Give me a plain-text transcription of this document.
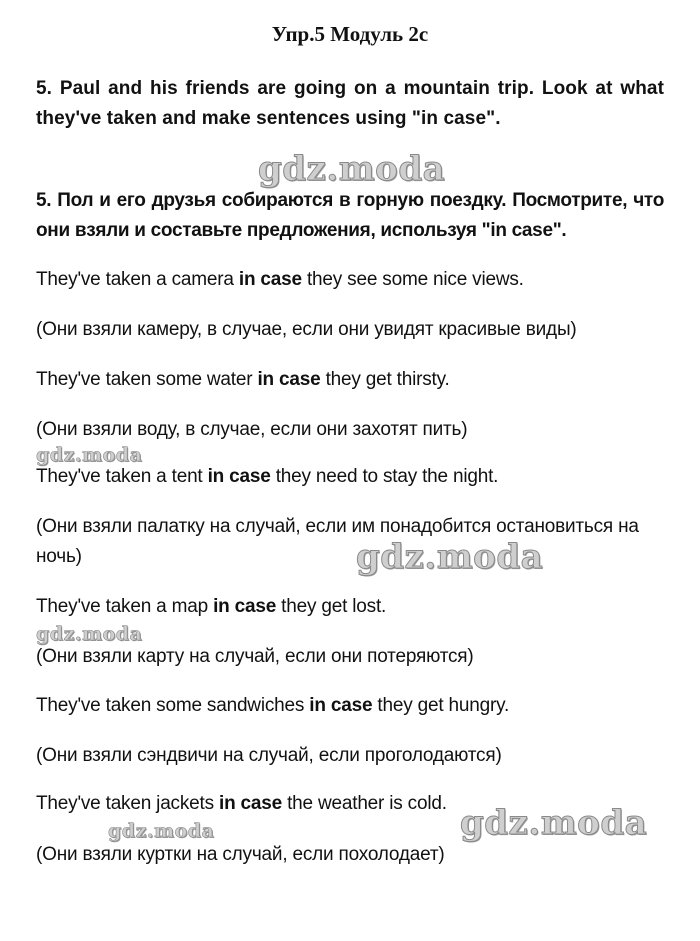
Упр.5 Модуль 2c

5. Paul and his friends are going on a mountain trip. Look at what they've taken and make sentences using "in case".

gdz.moda

5. Пол и его друзья собираются в горную поездку. Посмотрите, что они взяли и составьте предложения, используя "in case".

They've taken a camera in case they see some nice views.

(Они взяли камеру, в случае, если они увидят красивые виды)

They've taken some water in case they get thirsty.

(Они взяли воду, в случае, если они захотят пить)

gdz.moda

They've taken a tent in case they need to stay the night.

(Они взяли палатку на случай, если им понадобится остановиться на ночь)	gdz.moda

They've taken a map in case they get lost.

gdz.moda

(Они взяли карту на случай, если они потеряются)

They've taken some sandwiches in case they get hungry.

(Они взяли сэндвичи на случай, если проголодаются)

They've taken jackets in case the weather is cold. gdz.moda
gdz.moda

(Они взяли куртки на случай, если похолодает)
